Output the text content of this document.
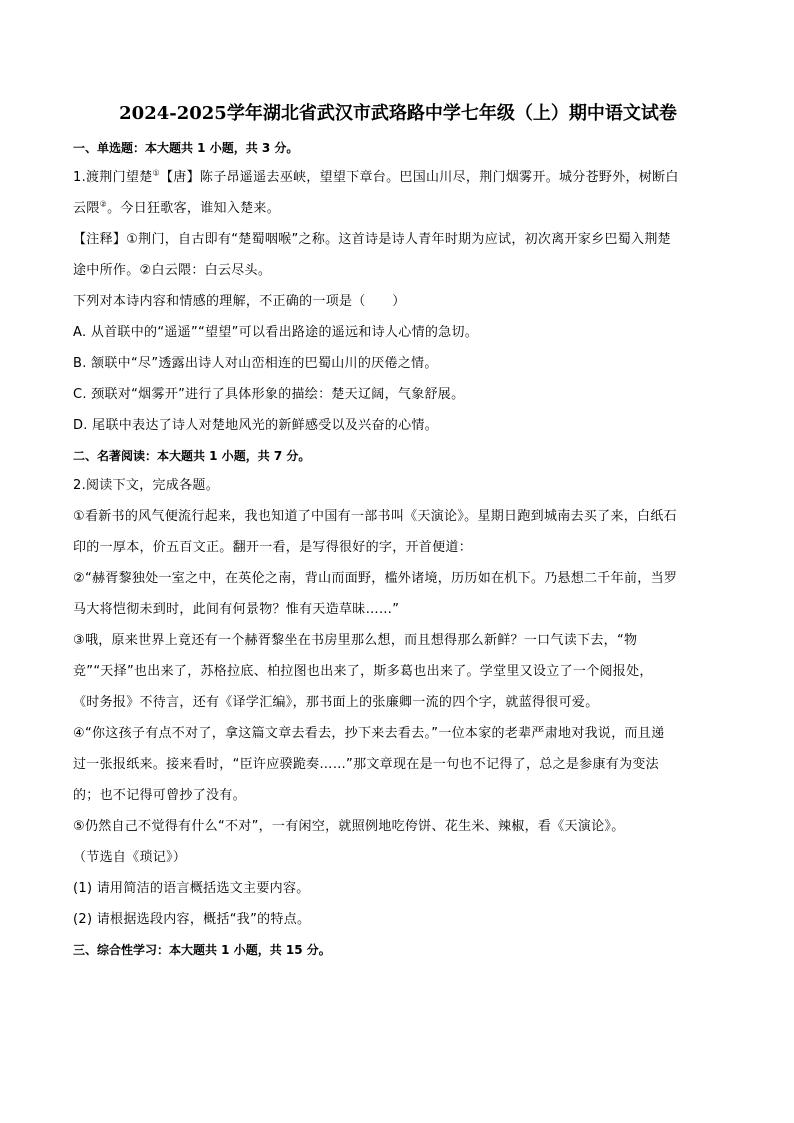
2024-2025学年湖北省武汉市武珞路中学七年级（上）期中语文试卷
一、单选题：本大题共 1 小题，共 3 分。
1.渡荆门望楚①【唐】陈子昂遥遥去巫峡，望望下章台。巴国山川尽，荆门烟雾开。城分苍野外，树断白
云隈②。今日狂歌客，谁知入楚来。
【注释】①荆门，自古即有“楚蜀咽喉”之称。这首诗是诗人青年时期为应试，初次离开家乡巴蜀入荆楚
途中所作。②白云隈：白云尽头。
下列对本诗内容和情感的理解，不正确的一项是（　　）
A. 从首联中的“遥遥”“望望”可以看出路途的遥远和诗人心情的急切。
B. 颔联中“尽”透露出诗人对山峦相连的巴蜀山川的厌倦之情。
C. 颈联对“烟雾开”进行了具体形象的描绘：楚天辽阔，气象舒展。
D. 尾联中表达了诗人对楚地风光的新鲜感受以及兴奋的心情。
二、名著阅读：本大题共 1 小题，共 7 分。
2.阅读下文，完成各题。
①看新书的风气便流行起来，我也知道了中国有一部书叫《天演论》。星期日跑到城南去买了来，白纸石
印的一厚本，价五百文正。翻开一看，是写得很好的字，开首便道：
②“赫胥黎独处一室之中，在英伦之南，背山而面野，槛外诸境，历历如在机下。乃悬想二千年前，当罗
马大将恺彻未到时，此间有何景物？惟有天造草昧……”
③哦，原来世界上竟还有一个赫胥黎坐在书房里那么想，而且想得那么新鲜？一口气读下去，“物
竞”“天择”也出来了，苏格拉底、柏拉图也出来了，斯多葛也出来了。学堂里又设立了一个阅报处，
《时务报》不待言，还有《译学汇编》，那书面上的张廉卿一流的四个字，就蓝得很可爱。
④“你这孩子有点不对了，拿这篇文章去看去，抄下来去看去。”一位本家的老辈严肃地对我说，而且递
过一张报纸来。接来看时，“臣许应骙跪奏……”那文章现在是一句也不记得了，总之是参康有为变法
的；也不记得可曾抄了没有。
⑤仍然自己不觉得有什么“不对”，一有闲空，就照例地吃侉饼、花生米、辣椒，看《天演论》。
（节选自《琐记》）
(1) 请用简洁的语言概括选文主要内容。
(2) 请根据选段内容，概括“我”的特点。
三、综合性学习：本大题共 1 小题，共 15 分。
